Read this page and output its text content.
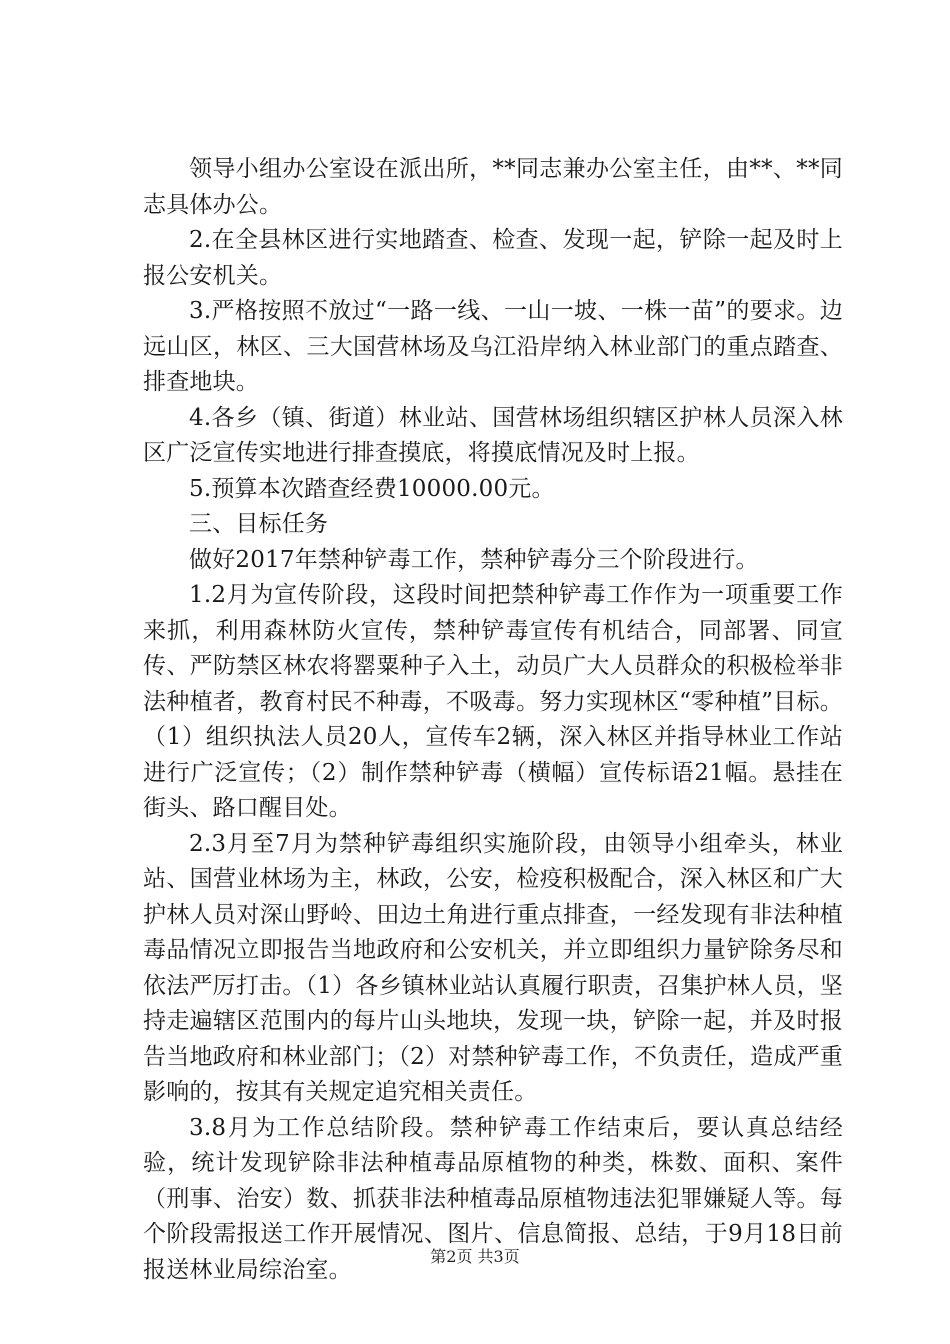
领导小组办公室设在派出所，**同志兼办公室主任，由**、**同志具体办公。

2.在全县林区进行实地踏查、检查、发现一起，铲除一起及时上报公安机关。

3.严格按照不放过“一路一线、一山一坡、一株一苗”的要求。边远山区，林区、三大国营林场及乌江沿岸纳入林业部门的重点踏查、排查地块。

4.各乡（镇、街道）林业站、国营林场组织辖区护林人员深入林区广泛宣传实地进行排查摸底，将摸底情况及时上报。

5.预算本次踏查经费10000.00元。

三、目标任务

做好2017年禁种铲毒工作，禁种铲毒分三个阶段进行。

1.2月为宣传阶段，这段时间把禁种铲毒工作作为一项重要工作来抓，利用森林防火宣传，禁种铲毒宣传有机结合，同部署、同宣传、严防禁区林农将罂粟种子入土，动员广大人员群众的积极检举非法种植者，教育村民不种毒，不吸毒。努力实现林区“零种植”目标。（1）组织执法人员20人，宣传车2辆，深入林区并指导林业工作站进行广泛宣传；（2）制作禁种铲毒（横幅）宣传标语21幅。悬挂在街头、路口醒目处。

2.3月至7月为禁种铲毒组织实施阶段，由领导小组牵头，林业站、国营业林场为主，林政，公安，检疫积极配合，深入林区和广大护林人员对深山野岭、田边土角进行重点排查，一经发现有非法种植毒品情况立即报告当地政府和公安机关，并立即组织力量铲除务尽和依法严厉打击。（1）各乡镇林业站认真履行职责，召集护林人员，坚持走遍辖区范围内的每片山头地块，发现一块，铲除一起，并及时报告当地政府和林业部门；（2）对禁种铲毒工作，不负责任，造成严重影响的，按其有关规定追究相关责任。

3.8月为工作总结阶段。禁种铲毒工作结束后，要认真总结经验，统计发现铲除非法种植毒品原植物的种类，株数、面积、案件（刑事、治安）数、抓获非法种植毒品原植物违法犯罪嫌疑人等。每个阶段需报送工作开展情况、图片、信息简报、总结，于9月18日前报送林业局综治室。	第2页 共3页
